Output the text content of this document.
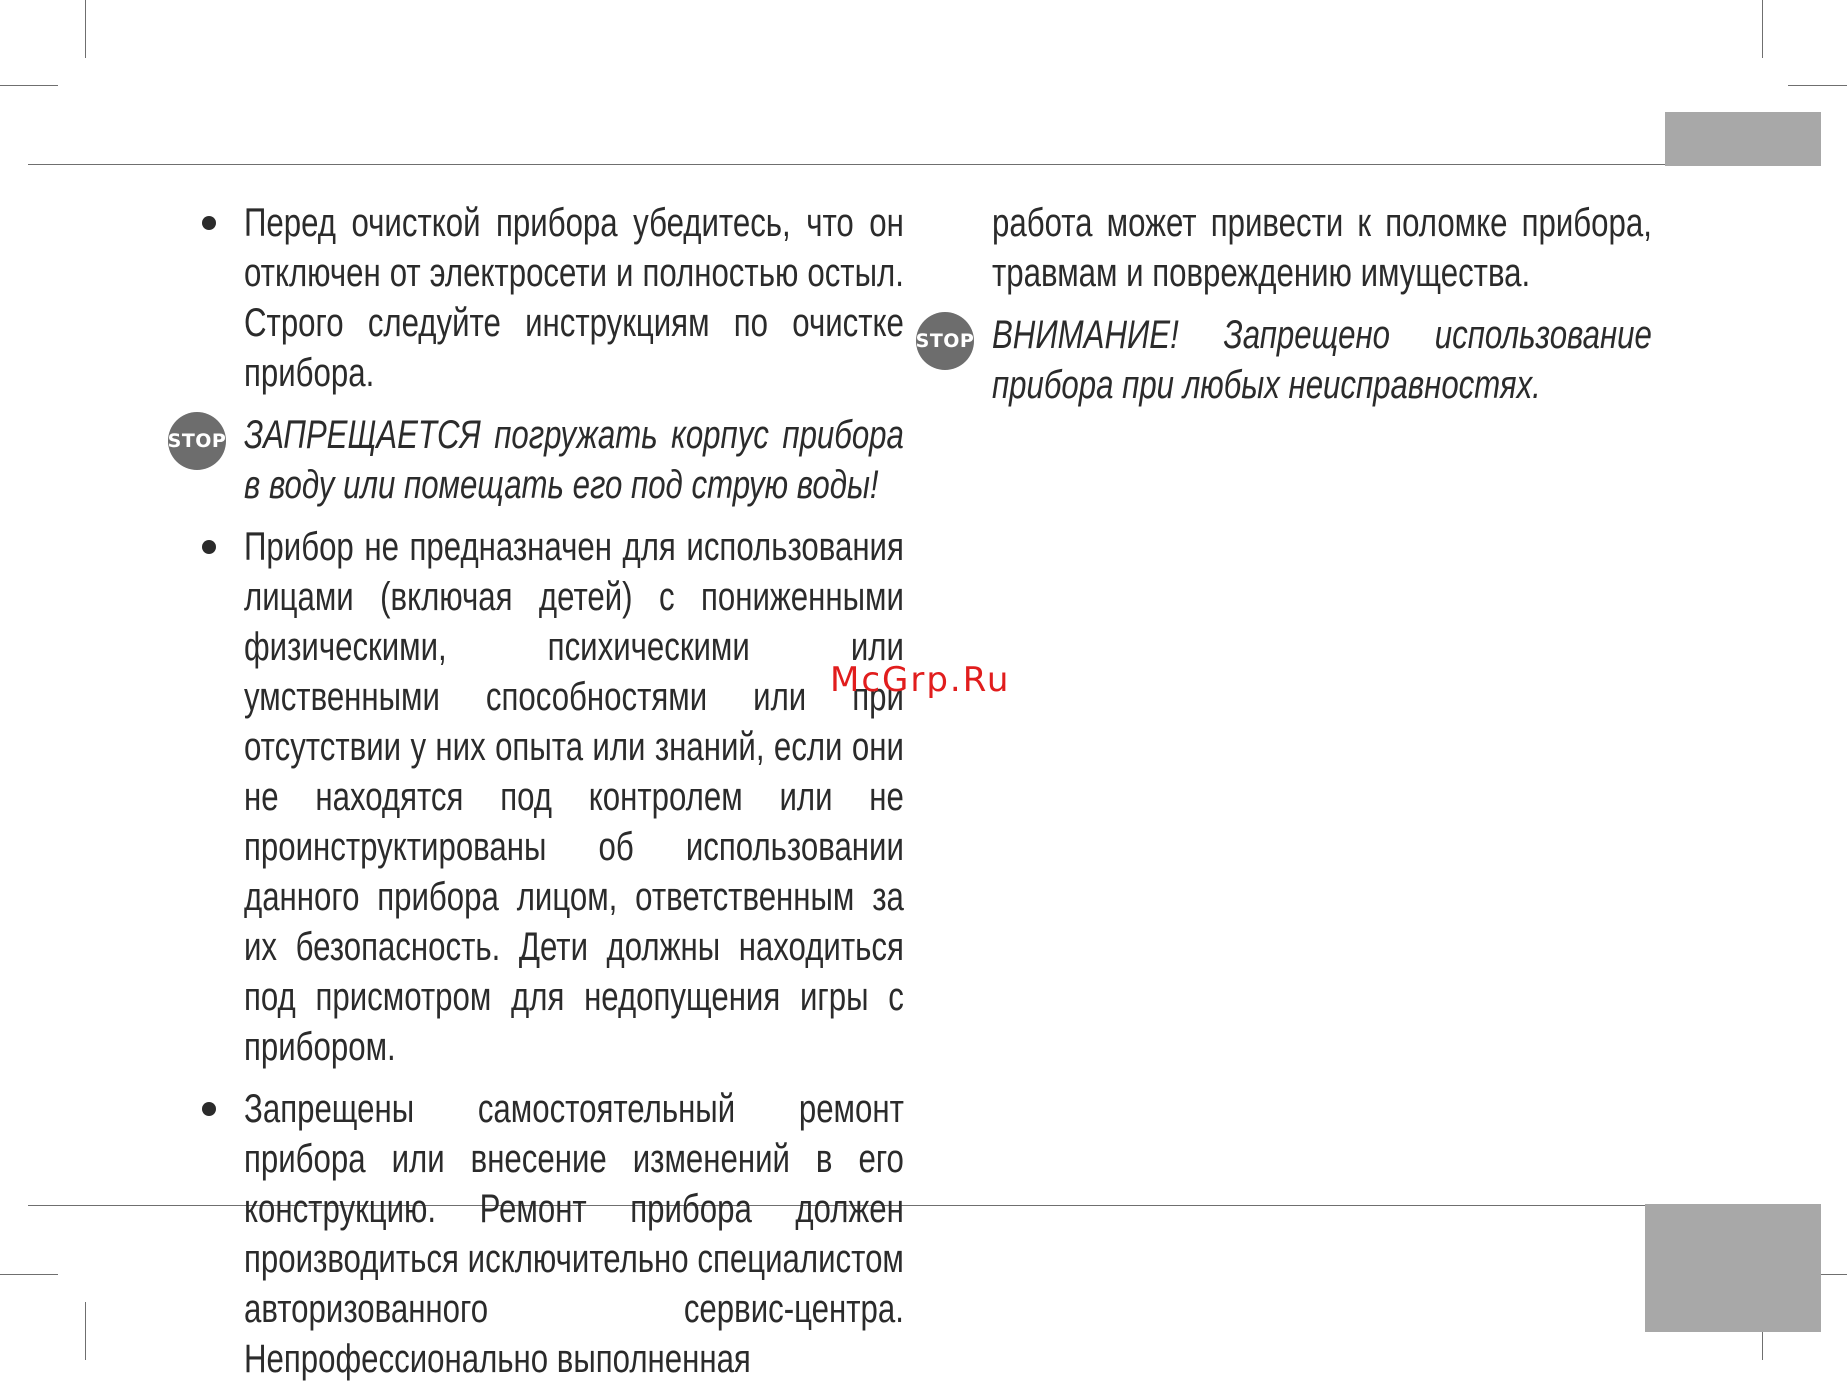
Перед очисткой прибора убедитесь, что он отключен от электросети и полностью остыл. Строго следуйте инструкциям по очистке прибора.
STOP ЗАПРЕЩАЕТСЯ погружать корпус прибора в воду или помещать его под струю воды!
Прибор не предназначен для использования лицами (включая детей) с пониженными физическими, психическими или умственными способностями или при отсутствии у них опыта или знаний, если они не находятся под контролем или не проинструктированы об использовании данного прибора лицом, ответственным за их безопасность. Дети должны находиться под присмотром для недопущения игры с прибором.
Запрещены самостоятельный ремонт прибора или внесение изменений в его конструкцию. Ремонт прибора должен производиться исключительно специалистом авторизованного сервис-центра. Непрофессионально выполненная
работа может привести к поломке прибора, травмам и повреждению имущества.
STOP ВНИМАНИЕ! Запрещено использование прибора при любых неисправностях.
McGrp.Ru
